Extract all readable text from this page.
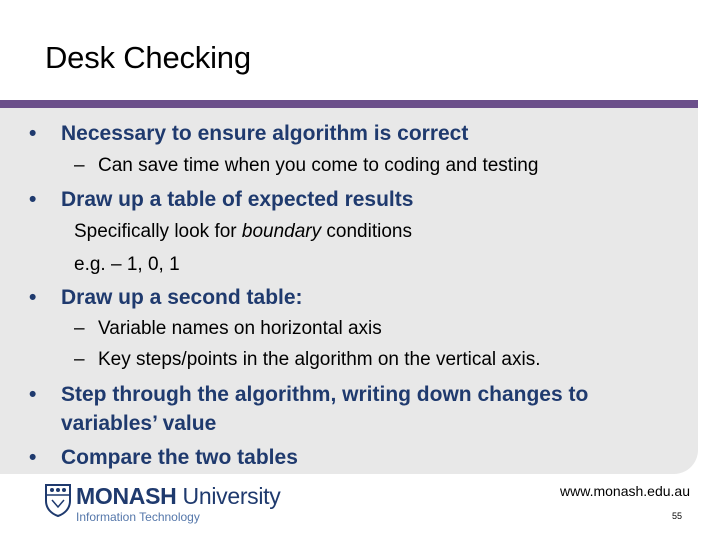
Desk Checking
• Necessary to ensure algorithm is correct
– Can save time when you come to coding and testing
• Draw up a table of expected results
Specifically look for boundary conditions
e.g. – 1, 0, 1
• Draw up a second table:
– Variable names on horizontal axis
– Key steps/points in the algorithm on the vertical axis.
• Step through the algorithm, writing down changes to
variables’ value
• Compare the two tables
MONASH University
Information Technology
www.monash.edu.au
55
